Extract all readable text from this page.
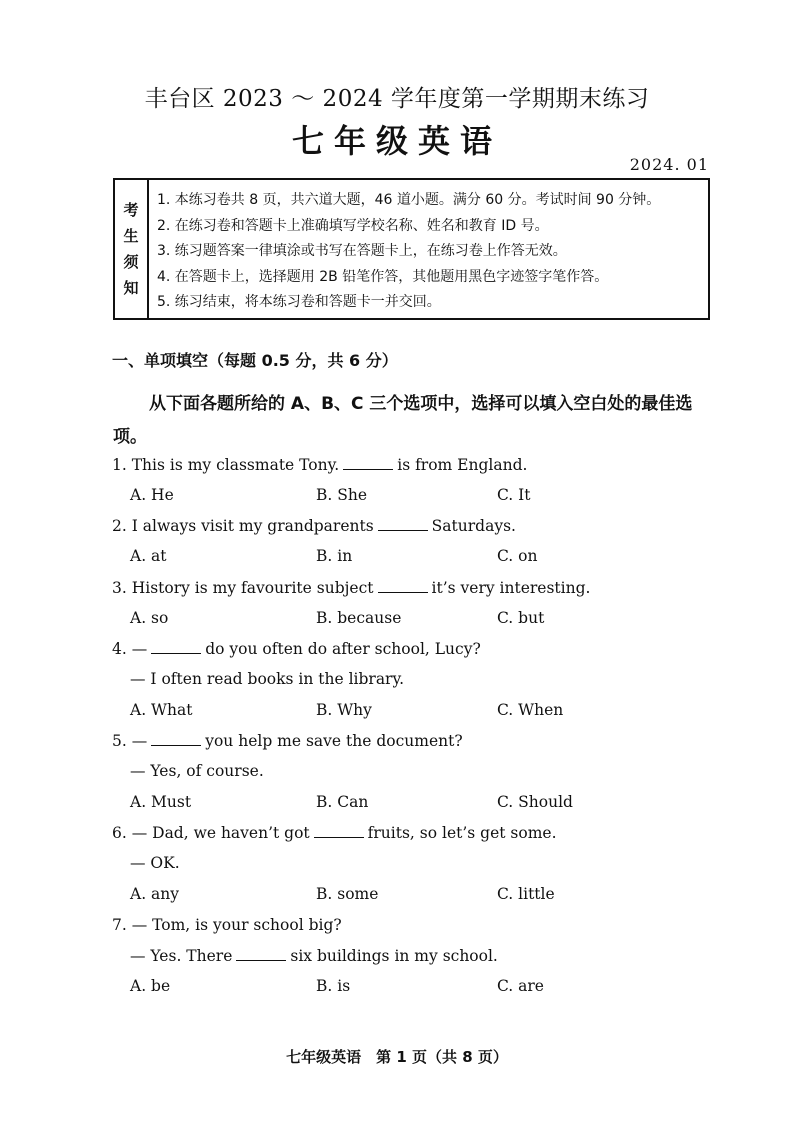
丰台区 2023 ～ 2024 学年度第一学期期末练习
七年级英语
2024. 01
考
生
须
知
1. 本练习卷共 8 页，共六道大题，46 道小题。满分 60 分。考试时间 90 分钟。
2. 在练习卷和答题卡上准确填写学校名称、姓名和教育 ID 号。
3. 练习题答案一律填涂或书写在答题卡上，在练习卷上作答无效。
4. 在答题卡上，选择题用 2B 铅笔作答，其他题用黑色字迹签字笔作答。
5. 练习结束，将本练习卷和答题卡一并交回。
一、单项填空（每题 0.5 分，共 6 分）
从下面各题所给的 A、B、C 三个选项中，选择可以填入空白处的最佳选项。
1. This is my classmate Tony.	is from England.
A. He	B. She	C. It
2. I always visit my grandparents	Saturdays.
A. at	B. in	C. on
3. History is my favourite subject	it’s very interesting.
A. so	B. because	C. but
4. —	do you often do after school, Lucy?
— I often read books in the library.
A. What	B. Why	C. When
5. —	you help me save the document?
— Yes, of course.
A. Must	B. Can	C. Should
6. — Dad, we haven’t got	fruits, so let’s get some.
— OK.
A. any	B. some	C. little
7. — Tom, is your school big?
— Yes. There	six buildings in my school.
A. be	B. is	C. are
七年级英语　第 1 页（共 8 页）
